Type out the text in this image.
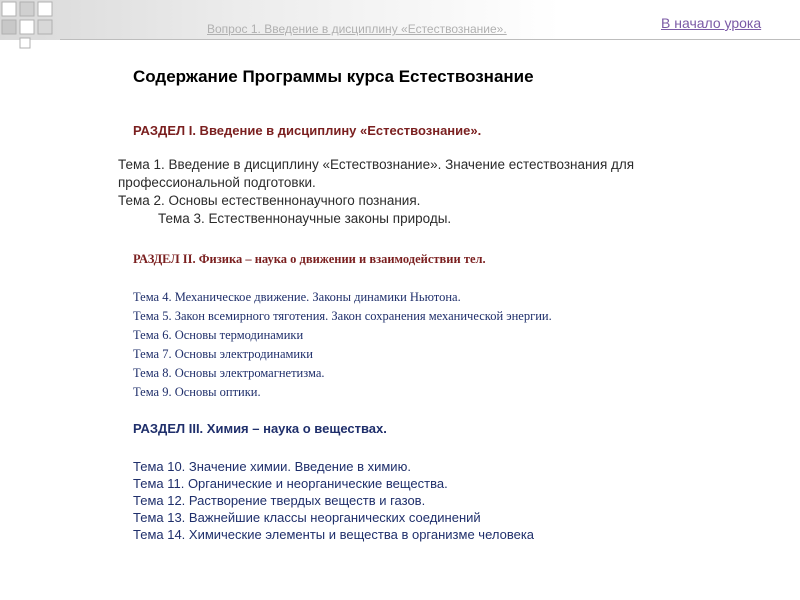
Вопрос 1. Введение в дисциплину «Естествознание».	В начало урока
Содержание Программы курса Естествознание
РАЗДЕЛ I. Введение в дисциплину «Естествознание».
Тема 1. Введение в дисциплину «Естествознание». Значение естествознания для
профессиональной подготовки.
Тема 2. Основы естественнонаучного познания.
Тема 3. Естественнонаучные законы природы.
РАЗДЕЛ II. Физика – наука о движении и взаимодействии тел.
Тема 4. Механическое движение. Законы динамики Ньютона.
Тема 5. Закон всемирного тяготения. Закон сохранения механической энергии.
Тема 6. Основы термодинамики
Тема 7. Основы электродинамики
Тема 8. Основы электромагнетизма.
Тема 9. Основы оптики.
РАЗДЕЛ III. Химия – наука о веществах.
Тема 10. Значение химии. Введение в химию.
Тема 11. Органические и неорганические вещества.
Тема 12. Растворение твердых веществ и газов.
Тема 13. Важнейшие классы неорганических соединений
Тема 14. Химические элементы и вещества в организме человека
